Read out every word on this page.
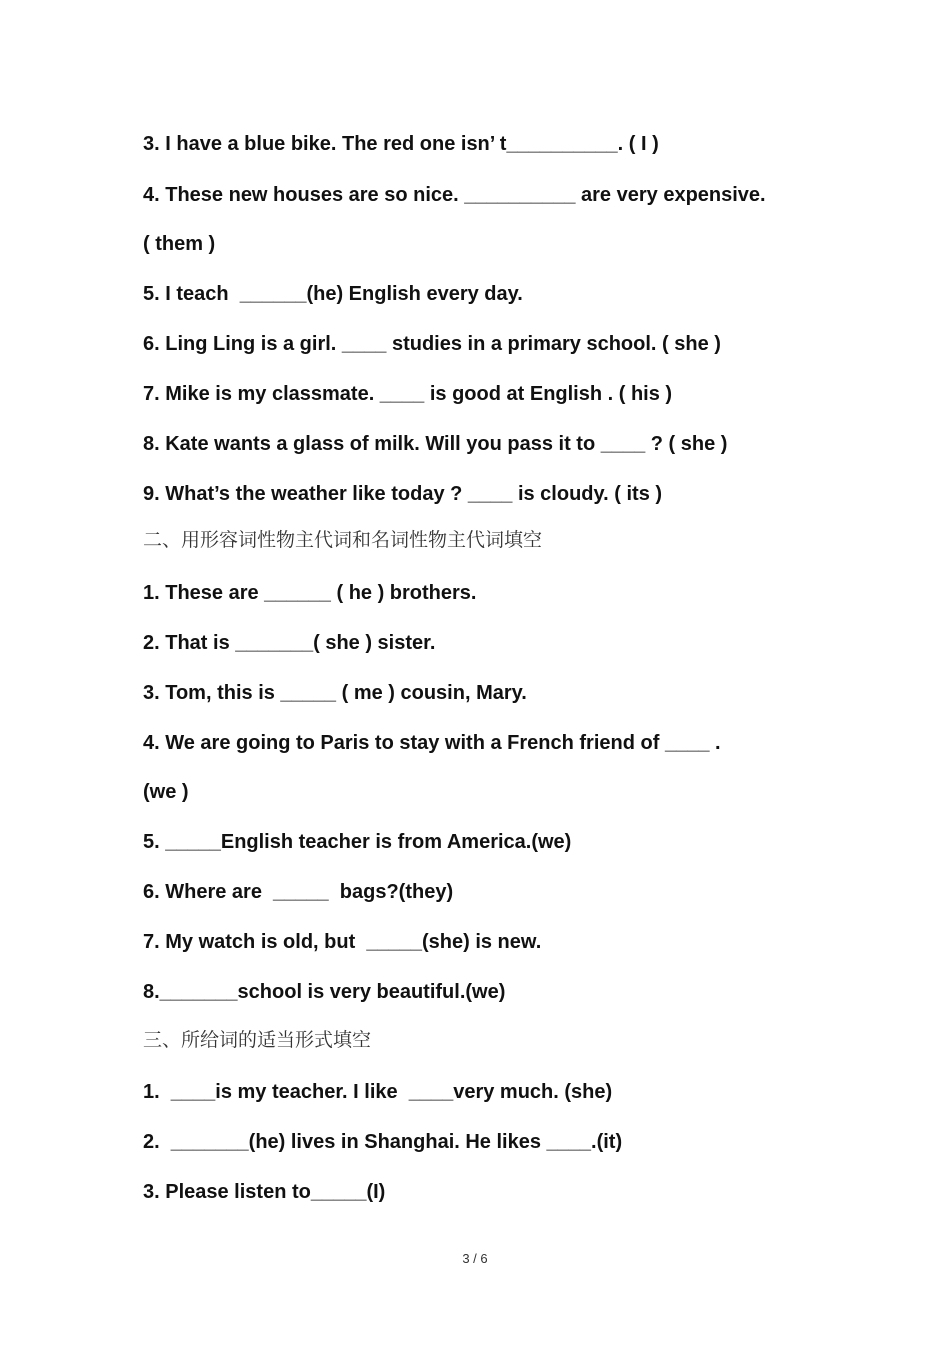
3. I have a blue bike. The red one isn’ t__________. ( I )
4. These new houses are so nice. __________ are very expensive.
( them )
5. I teach  ______(he) English every day.
6. Ling Ling is a girl. ____ studies in a primary school. ( she )
7. Mike is my classmate. ____ is good at English . ( his )
8. Kate wants a glass of milk. Will you pass it to ____ ? ( she )
9. What’s the weather like today ? ____ is cloudy. ( its )
二、用形容词性物主代词和名词性物主代词填空
1. These are ______ ( he ) brothers.
2. That is _______( she ) sister.
3. Tom, this is _____ ( me ) cousin, Mary.
4. We are going to Paris to stay with a French friend of ____ .
(we )
5. _____English teacher is from America.(we)
6. Where are  _____  bags?(they)
7. My watch is old, but  _____(she) is new.
8._______school is very beautiful.(we)
三、所给词的适当形式填空
1.  ____is my teacher. I like  ____very much. (she)
2.  _______(he) lives in Shanghai. He likes ____.(it)
3. Please listen to_____(I)
3 / 6
